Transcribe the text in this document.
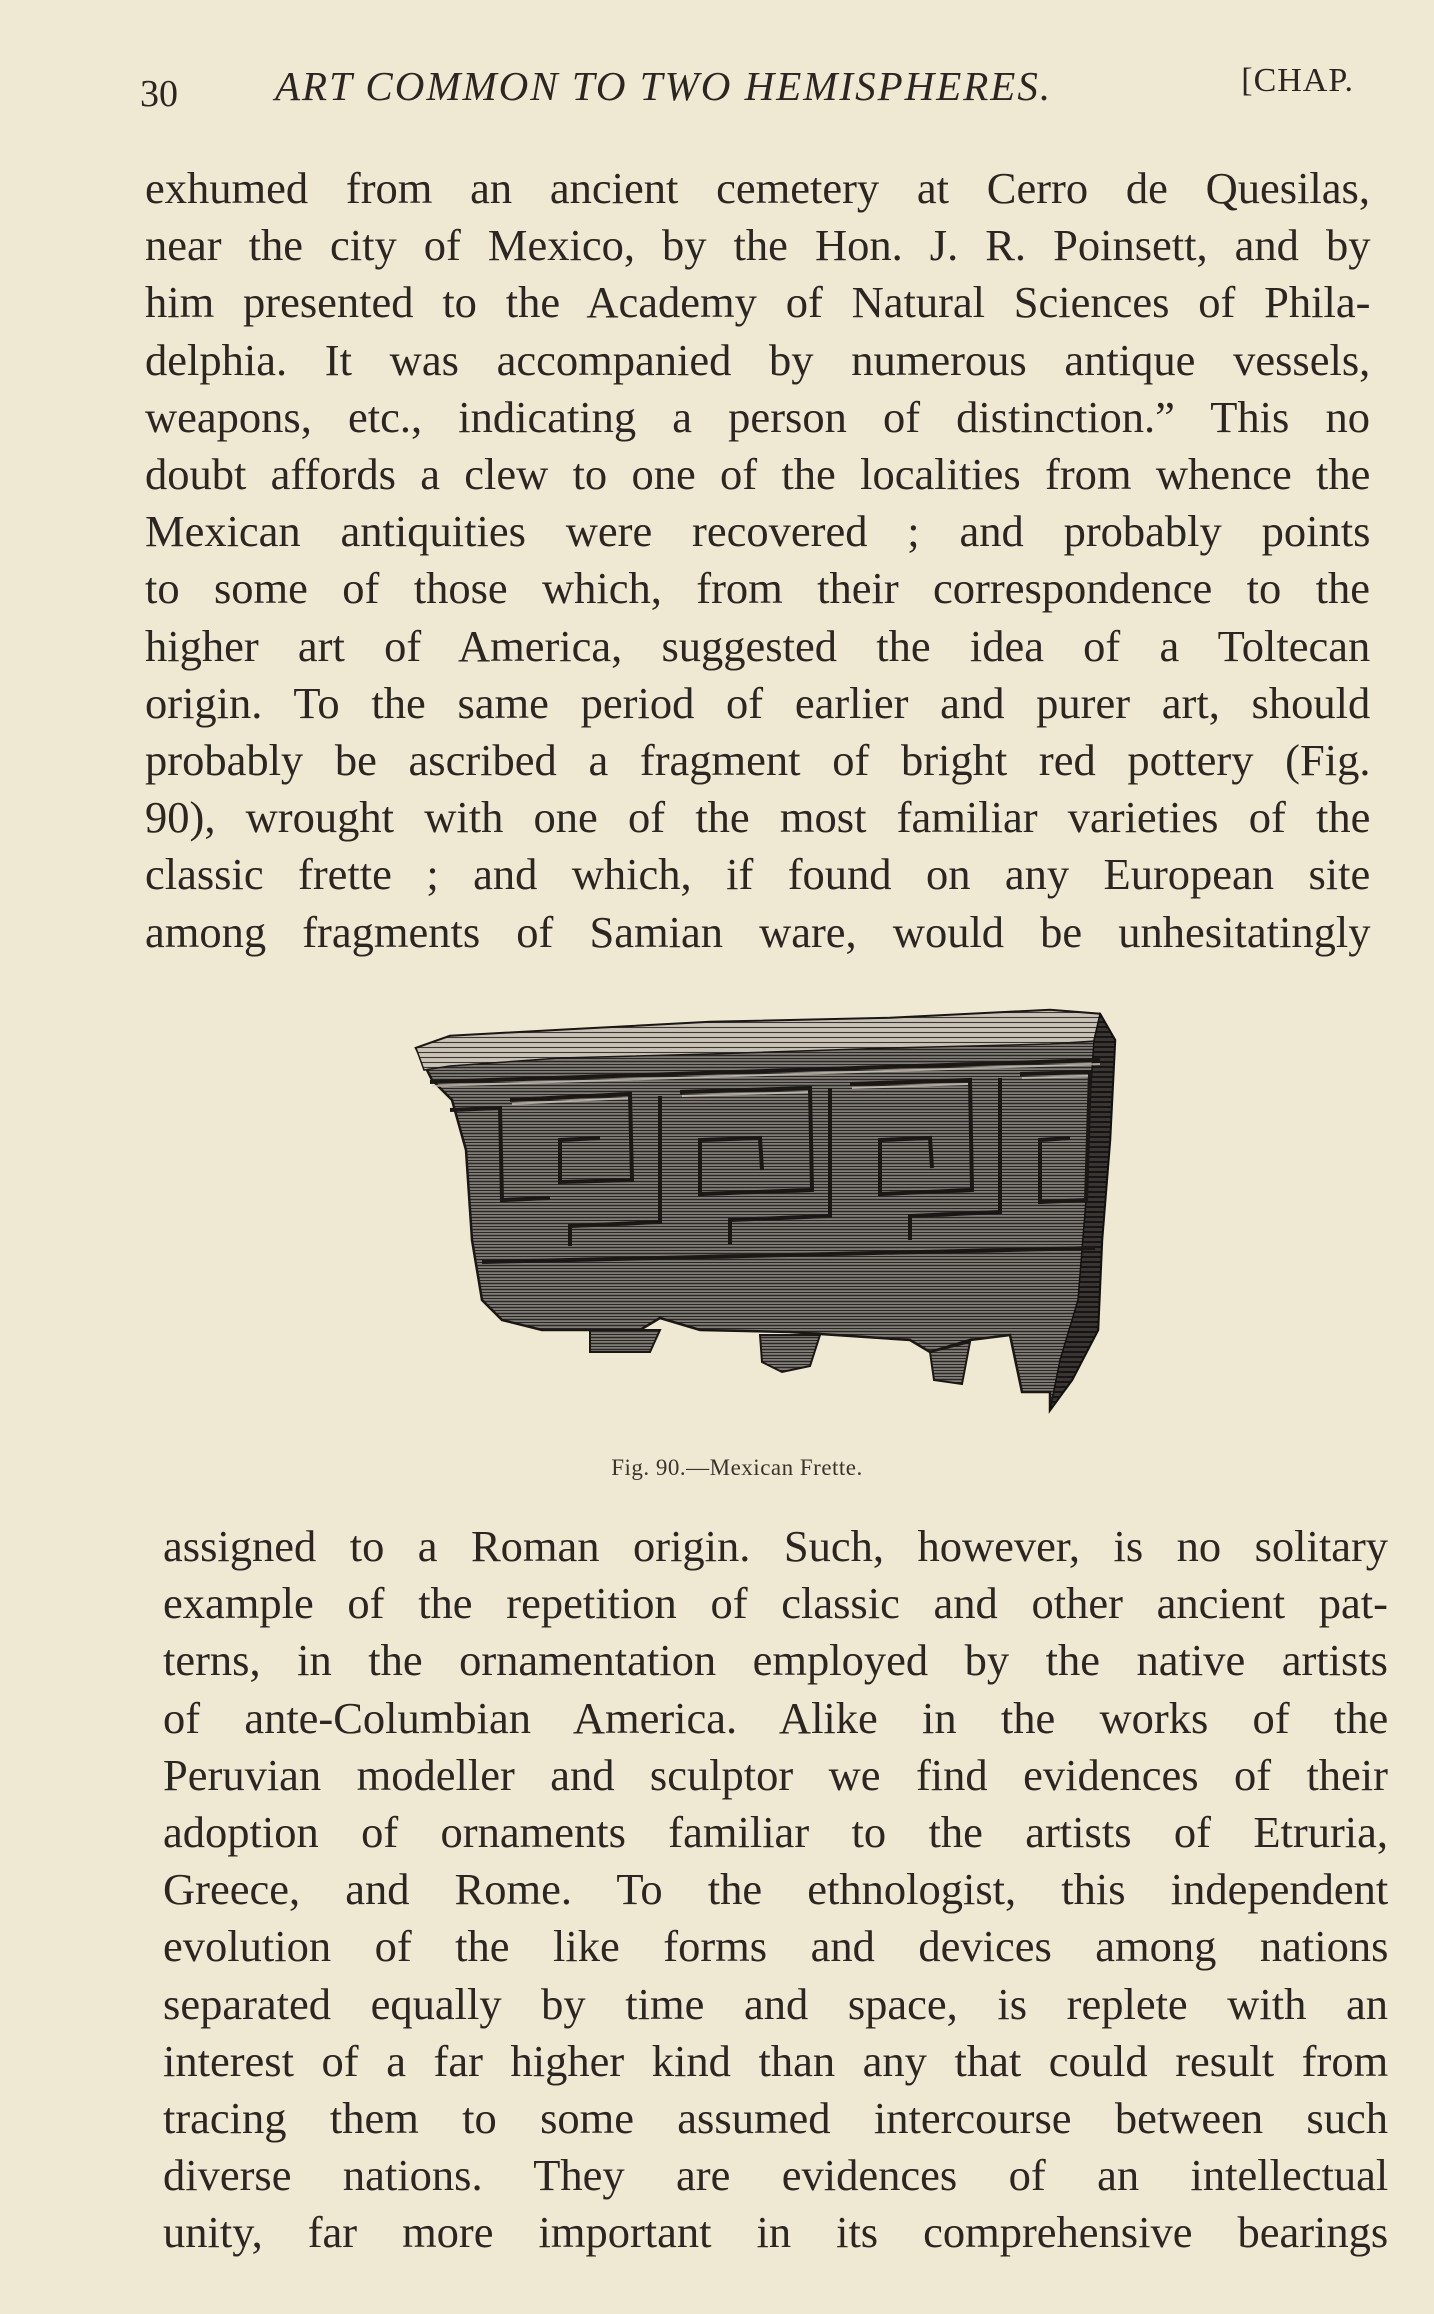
30 ART COMMON TO TWO HEMISPHERES.	[CHAP.
exhumed from an ancient cemetery at Cerro de Quesilas,
near the city of Mexico, by the Hon. J. R. Poinsett, and by
him presented to the Academy of Natural Sciences of Phila-
delphia. It was accompanied by numerous antique vessels,
weapons, etc., indicating a person of distinction.” This no
doubt affords a clew to one of the localities from whence the
Mexican antiquities were recovered ; and probably points
to some of those which, from their correspondence to the
higher art of America, suggested the idea of a Toltecan
origin. To the same period of earlier and purer art, should
probably be ascribed a fragment of bright red pottery (Fig.
90), wrought with one of the most familiar varieties of the
classic frette ; and which, if found on any European site
among fragments of Samian ware, would be unhesitatingly
Fig. 90.—Mexican Frette.
assigned to a Roman origin. Such, however, is no solitary
example of the repetition of classic and other ancient pat-
terns, in the ornamentation employed by the native artists
of ante-Columbian America. Alike in the works of the
Peruvian modeller and sculptor we find evidences of their
adoption of ornaments familiar to the artists of Etruria,
Greece, and Rome. To the ethnologist, this independent
evolution of the like forms and devices among nations
separated equally by time and space, is replete with an
interest of a far higher kind than any that could result from
tracing them to some assumed intercourse between such
diverse nations. They are evidences of an intellectual
unity, far more important in its comprehensive bearings
